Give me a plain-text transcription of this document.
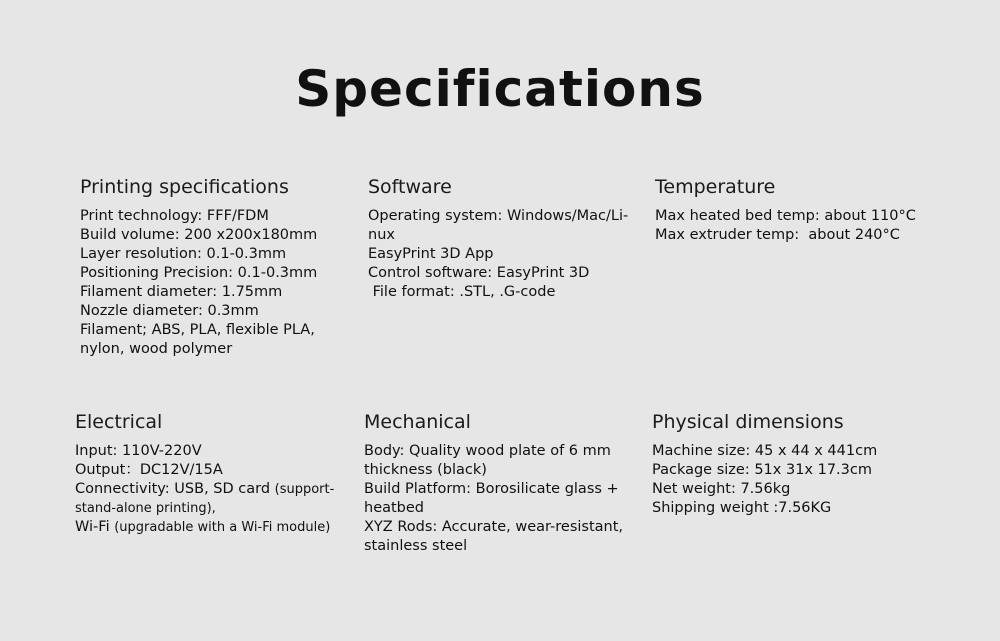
Specifications
Printing specifications
Print technology: FFF/FDM
Build volume: 200 x200x180mm
Layer resolution: 0.1-0.3mm
Positioning Precision: 0.1-0.3mm
Filament diameter: 1.75mm
Nozzle diameter: 0.3mm
Filament; ABS, PLA, flexible PLA,
nylon, wood polymer
Software
Operating system: Windows/Mac/Li-
nux
EasyPrint 3D App
Control software: EasyPrint 3D
File format: .STL, .G-code
Temperature
Max heated bed temp: about 110°C
Max extruder temp:  about 240°C
Electrical
Input: 110V-220V
Output：DC12V/15A
Connectivity: USB, SD card (support-
stand-alone printing),
Wi-Fi (upgradable with a Wi-Fi module)
Mechanical
Body: Quality wood plate of 6 mm
thickness (black)
Build Platform: Borosilicate glass +
heatbed
XYZ Rods: Accurate, wear-resistant,
stainless steel
Physical dimensions
Machine size: 45 x 44 x 441cm
Package size: 51x 31x 17.3cm
Net weight: 7.56kg
Shipping weight :7.56KG
